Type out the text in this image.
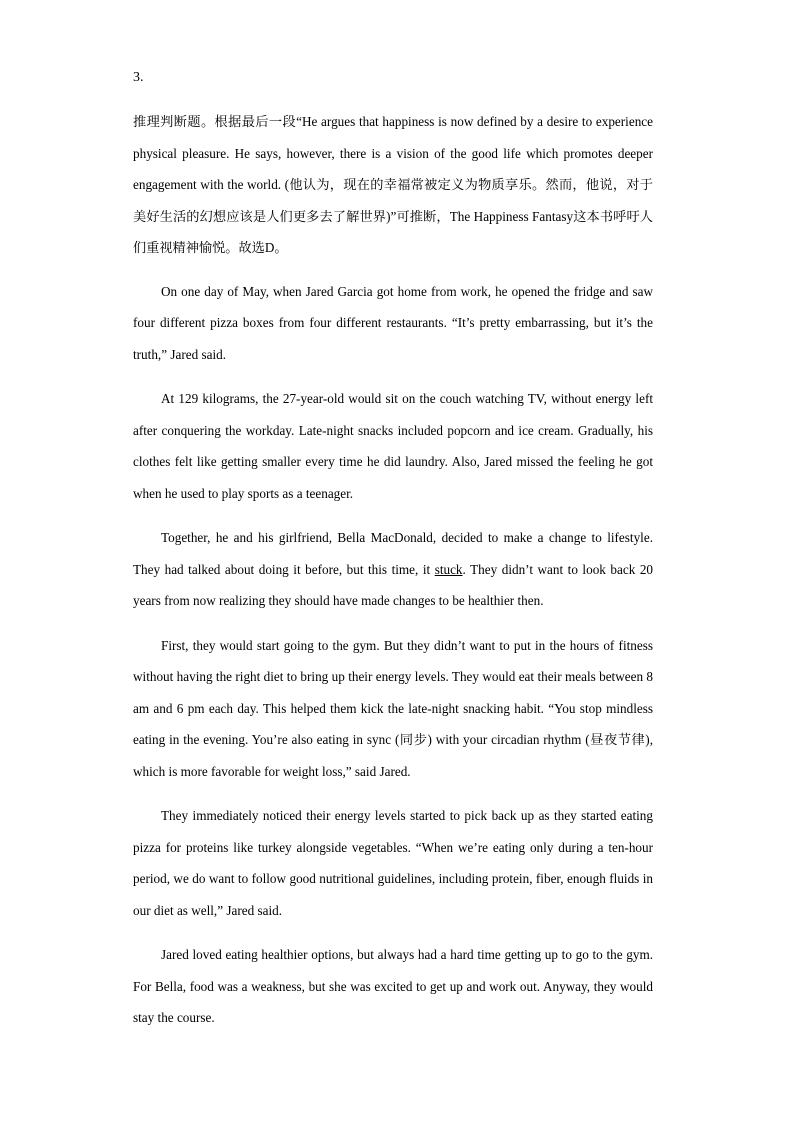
3.

推理判断题。根据最后一段“He argues that happiness is now defined by a desire to experience physical pleasure. He says, however, there is a vision of the good life which promotes deeper engagement with the world. (他认为，现在的幸福常被定义为物质享乐。然而，他说，对于美好生活的幻想应该是人们更多去了解世界)”可推断，The Happiness Fantasy这本书呼吁人们重视精神愉悦。故选D。

On one day of May, when Jared Garcia got home from work, he opened the fridge and saw four different pizza boxes from four different restaurants. “It’s pretty embarrassing, but it’s the truth,” Jared said.

At 129 kilograms, the 27-year-old would sit on the couch watching TV, without energy left after conquering the workday. Late-night snacks included popcorn and ice cream. Gradually, his clothes felt like getting smaller every time he did laundry. Also, Jared missed the feeling he got when he used to play sports as a teenager.

Together, he and his girlfriend, Bella MacDonald, decided to make a change to lifestyle. They had talked about doing it before, but this time, it stuck. They didn’t want to look back 20 years from now realizing they should have made changes to be healthier then.

First, they would start going to the gym. But they didn’t want to put in the hours of fitness without having the right diet to bring up their energy levels. They would eat their meals between 8 am and 6 pm each day. This helped them kick the late-night snacking habit. “You stop mindless eating in the evening. You’re also eating in sync (同步) with your circadian rhythm (昼夜节律), which is more favorable for weight loss,” said Jared.

They immediately noticed their energy levels started to pick back up as they started eating pizza for proteins like turkey alongside vegetables. “When we’re eating only during a ten-hour period, we do want to follow good nutritional guidelines, including protein, fiber, enough fluids in our diet as well,” Jared said.

Jared loved eating healthier options, but always had a hard time getting up to go to the gym. For Bella, food was a weakness, but she was excited to get up and work out. Anyway, they would stay the course.
